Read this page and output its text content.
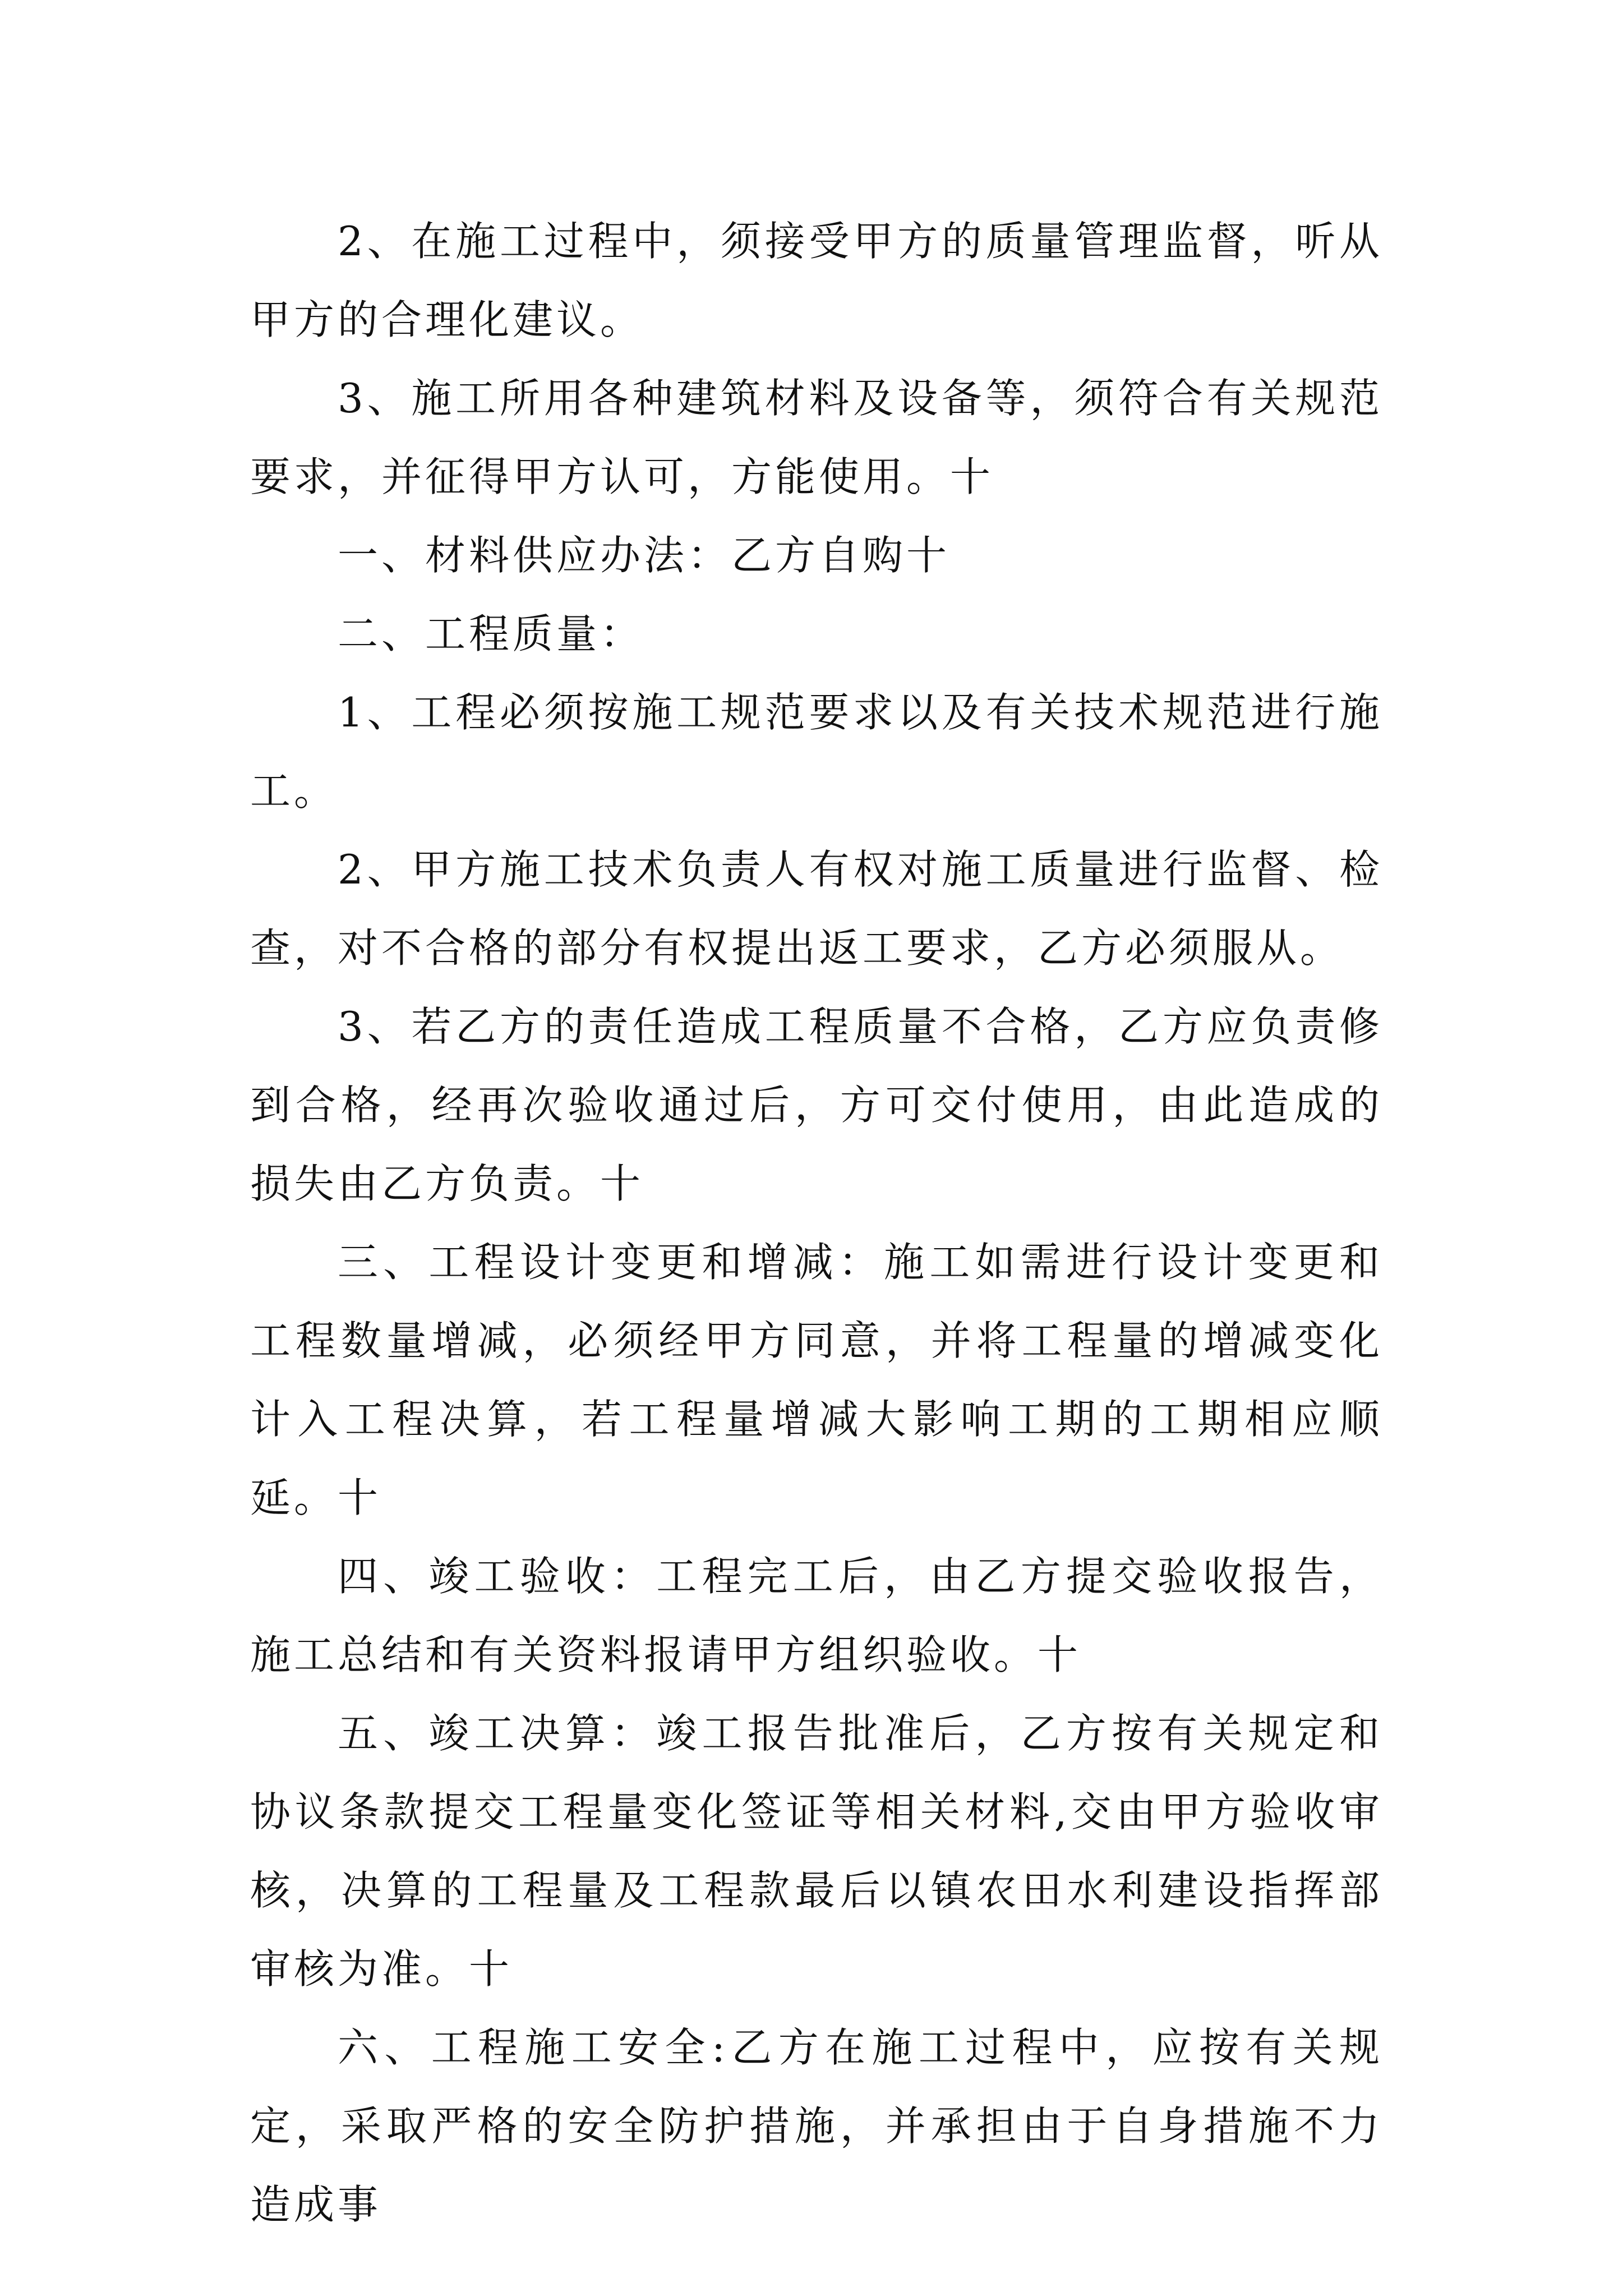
2、在施工过程中，须接受甲方的质量管理监督，听从甲方的合理化建议。

3、施工所用各种建筑材料及设备等，须符合有关规范要求，并征得甲方认可，方能使用。十

一、材料供应办法：乙方自购十

二、工程质量：

1、工程必须按施工规范要求以及有关技术规范进行施工。

2、甲方施工技术负责人有权对施工质量进行监督、检查，对不合格的部分有权提出返工要求，乙方必须服从。

3、若乙方的责任造成工程质量不合格，乙方应负责修到合格，经再次验收通过后，方可交付使用，由此造成的损失由乙方负责。十

三、工程设计变更和增减：施工如需进行设计变更和工程数量增减，必须经甲方同意，并将工程量的增减变化计入工程决算，若工程量增减大影响工期的工期相应顺延。十

四、竣工验收：工程完工后，由乙方提交验收报告，施工总结和有关资料报请甲方组织验收。十

五、竣工决算：竣工报告批准后，乙方按有关规定和协议条款提交工程量变化签证等相关材料,交由甲方验收审核，决算的工程量及工程款最后以镇农田水利建设指挥部审核为准。十

六、工程施工安全:乙方在施工过程中，应按有关规定，采取严格的安全防护措施，并承担由于自身措施不力造成事
